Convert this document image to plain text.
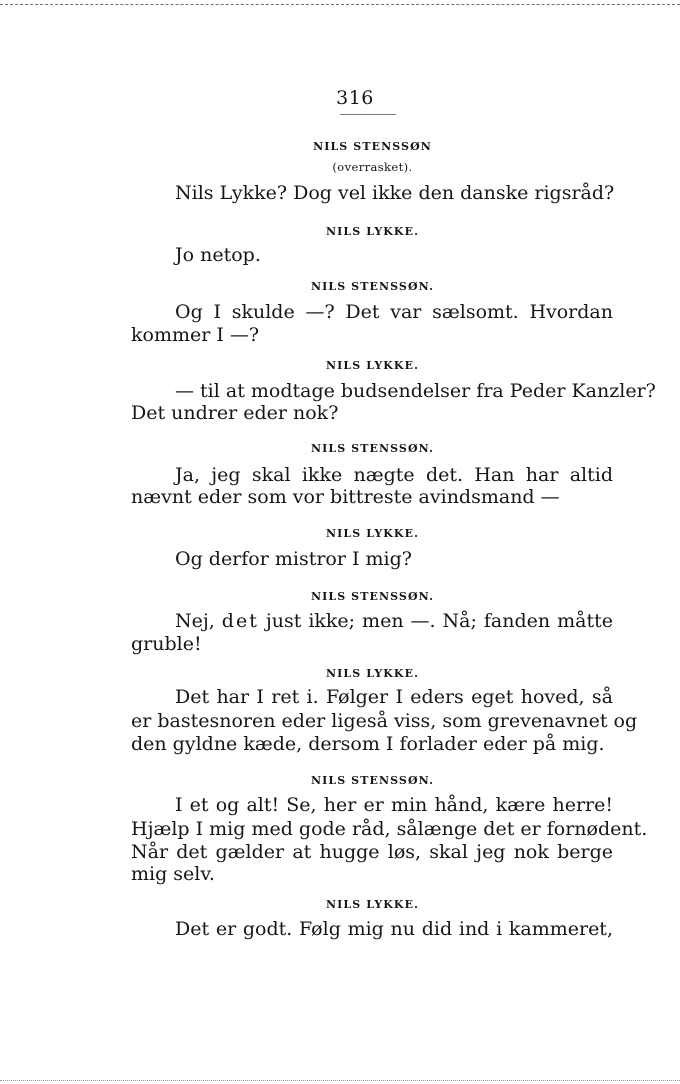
316
NILS STENSSØN
(overrasket).
Nils Lykke? Dog vel ikke den danske rigsråd?
NILS LYKKE.
Jo netop.
NILS STENSSØN.
Og I skulde —? Det var sælsomt. Hvordan
kommer I —?
NILS LYKKE.
— til at modtage budsendelser fra Peder Kanzler?
Det undrer eder nok?
NILS STENSSØN.
Ja, jeg skal ikke nægte det. Han har altid
nævnt eder som vor bittreste avindsmand —
NILS LYKKE.
Og derfor mistror I mig?
NILS STENSSØN.
Nej, det just ikke; men —. Nå; fanden måtte
gruble!
NILS LYKKE.
Det har I ret i. Følger I eders eget hoved, så
er bastesnoren eder ligeså viss, som grevenavnet og
den gyldne kæde, dersom I forlader eder på mig.
NILS STENSSØN.
I et og alt! Se, her er min hånd, kære herre!
Hjælp I mig med gode råd, sålænge det er fornødent.
Når det gælder at hugge løs, skal jeg nok berge
mig selv.
NILS LYKKE.
Det er godt. Følg mig nu did ind i kammeret,
